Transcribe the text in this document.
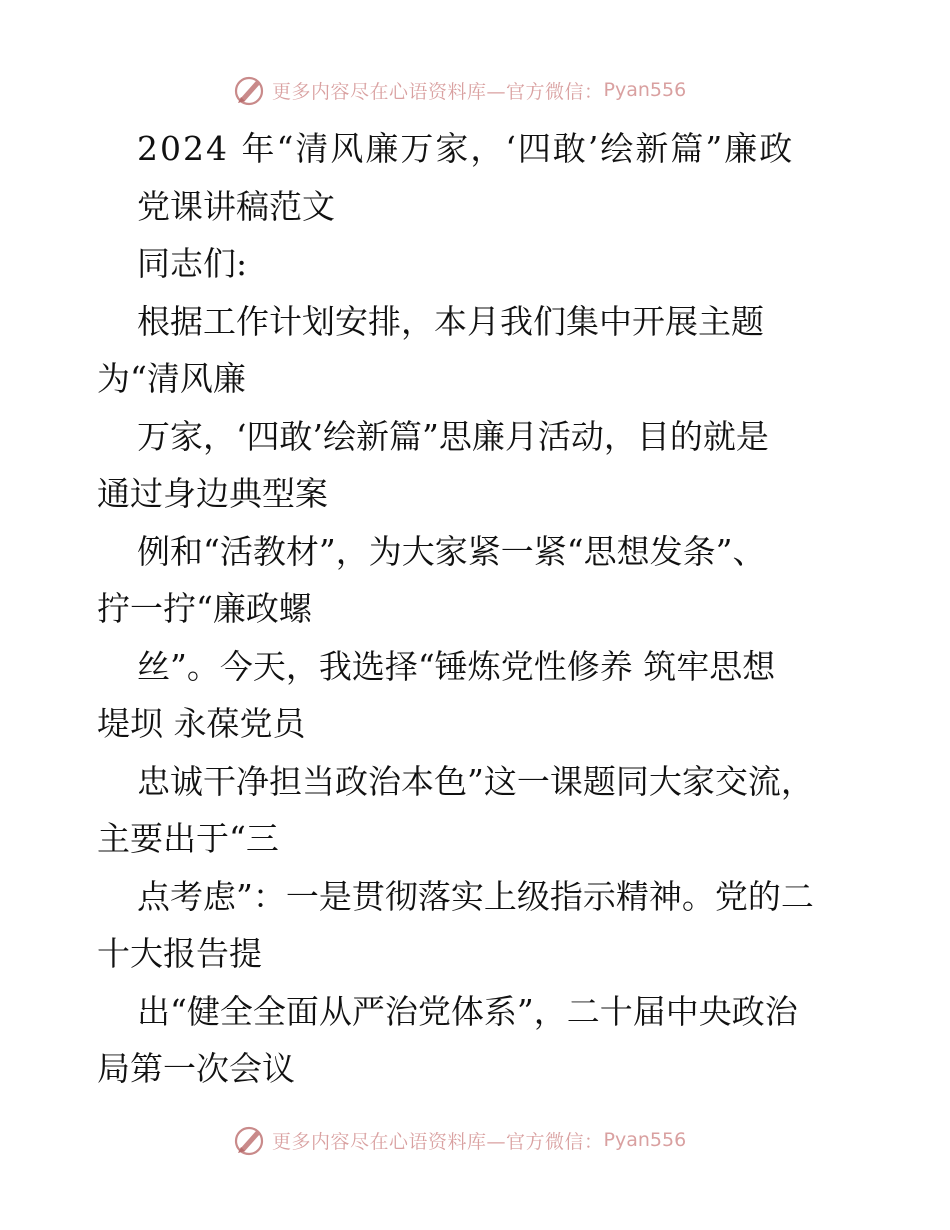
更多内容尽在心语资料库—官方微信： Pyan556
2024 年“清风廉万家，‘四敢’绘新篇”廉政
党课讲稿范文
同志们:
根据工作计划安排，本月我们集中开展主题
为“清风廉
万家，‘四敢’绘新篇”思廉月活动，目的就是
通过身边典型案
例和“活教材”，为大家紧一紧“思想发条”、
拧一拧“廉政螺
丝”。今天，我选择“锤炼党性修养 筑牢思想
堤坝 永葆党员
忠诚干净担当政治本色”这一课题同大家交流，
主要出于“三
点考虑”：一是贯彻落实上级指示精神。党的二
十大报告提
出“健全全面从严治党体系”，二十届中央政治
局第一次会议
更多内容尽在心语资料库—官方微信： Pyan556
